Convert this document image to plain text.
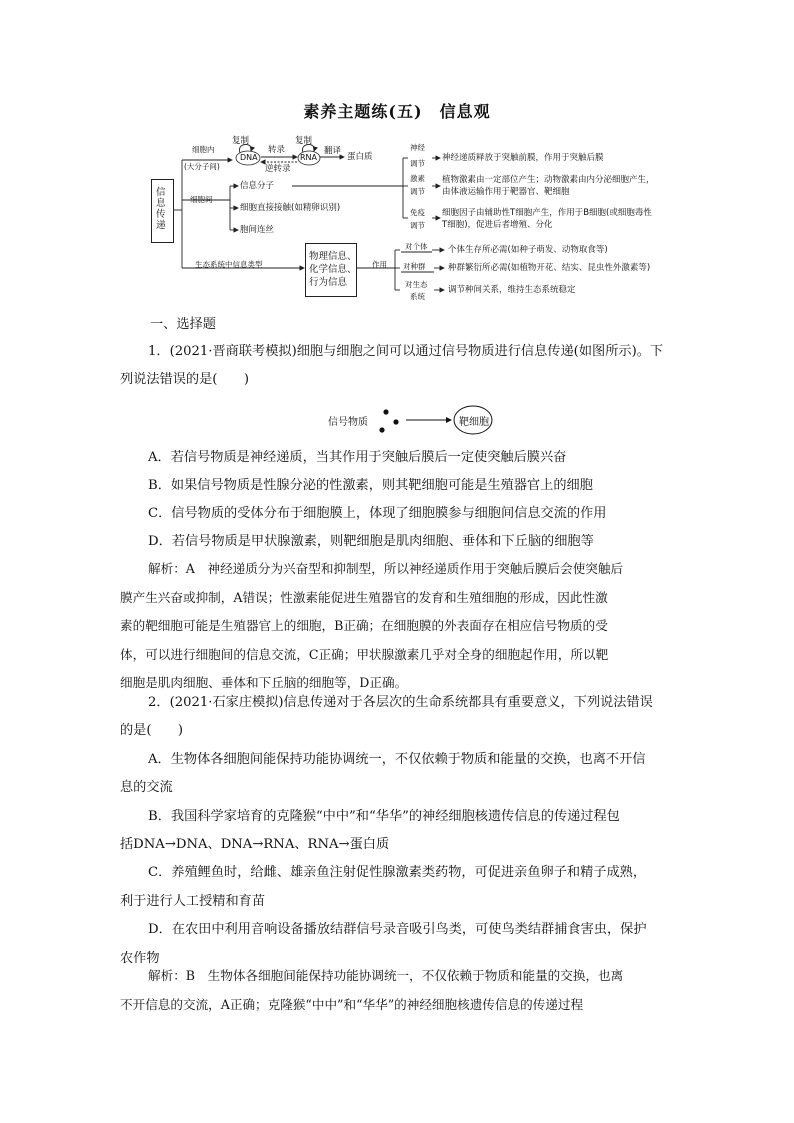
素养主题练(五)　信息观
信息传递
细胞内
(大分子间)
复制
DNA
转录
逆转录
复制
RNA
翻译
蛋白质
细胞间
信息分子
细胞直接接触(如精卵识别)
胞间连丝
神经
调节
神经递质释放于突触前膜，作用于突触后膜
激素
调节
植物激素由一定部位产生；动物激素由内分泌细胞产生，
由体液运输作用于靶器官、靶细胞
免疫
调节
细胞因子由辅助性T细胞产生，作用于B细胞(或细胞毒性
T细胞)，促进后者增殖、分化
生态系统中信息类型
物理信息、
化学信息、
行为信息
作用
对个体 个体生存所必需(如种子萌发、动物取食等)
对种群	种群繁衍所必需(如植物开花、结实、昆虫性外激素等)
对生态
系统
调节种间关系，维持生态系统稳定
一、选择题

1．(2021·晋商联考模拟)细胞与细胞之间可以通过信号物质进行信息传递(如图所示)。下

列说法错误的是(　　)

信号物质	靶细胞

A．若信号物质是神经递质，当其作用于突触后膜后一定使突触后膜兴奋

B．如果信号物质是性腺分泌的性激素，则其靶细胞可能是生殖器官上的细胞

C．信号物质的受体分布于细胞膜上，体现了细胞膜参与细胞间信息交流的作用

D．若信号物质是甲状腺激素，则靶细胞是肌肉细胞、垂体和下丘脑的细胞等

解析：A　神经递质分为兴奋型和抑制型，所以神经递质作用于突触后膜后会使突触后

膜产生兴奋或抑制，A错误；性激素能促进生殖器官的发育和生殖细胞的形成，因此性激

素的靶细胞可能是生殖器官上的细胞，B正确；在细胞膜的外表面存在相应信号物质的受

体，可以进行细胞间的信息交流，C正确；甲状腺激素几乎对全身的细胞起作用，所以靶

细胞是肌肉细胞、垂体和下丘脑的细胞等，D正确。

2．(2021·石家庄模拟)信息传递对于各层次的生命系统都具有重要意义，下列说法错误

的是(　　)

A．生物体各细胞间能保持功能协调统一，不仅依赖于物质和能量的交换，也离不开信

息的交流

B．我国科学家培育的克隆猴“中中”和“华华”的神经细胞核遗传信息的传递过程包

括DNA→DNA、DNA→RNA、RNA→蛋白质

C．养殖鲤鱼时，给雌、雄亲鱼注射促性腺激素类药物，可促进亲鱼卵子和精子成熟，

利于进行人工授精和育苗

D．在农田中利用音响设备播放结群信号录音吸引鸟类，可使鸟类结群捕食害虫，保护

农作物

解析：B　生物体各细胞间能保持功能协调统一，不仅依赖于物质和能量的交换，也离

不开信息的交流，A正确；克隆猴“中中”和“华华”的神经细胞核遗传信息的传递过程
